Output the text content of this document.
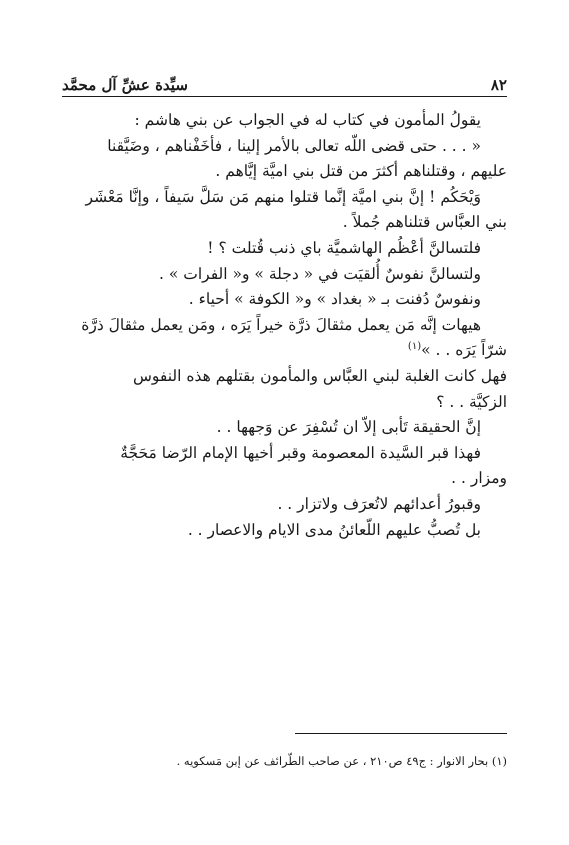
٨٢
سيِّدة عشِّ آل محمَّد

يقولُ المأمون في كتاب له في الجواب عن بني هاشم :

« . . . حتى قضى اللّه تعالى بالأمر إلينا ، فأخَفْناهم ، وضَيَّقنا

عليهم ، وقتلناهم أكثرَ من قتل بني اميَّة إيَّاهم .

وَيْحَكُم ! إنَّ بني اميَّة إنَّما قتلوا منهم مَن سَلَّ سَيفاً ، وإنَّا مَعْشَر

بني العبَّاس قتلناهم جُملاً .

فلتسالنَّ أعْظُم الهاشميَّة باي ذنب قُتلت ؟ !

ولتسالنَّ نفوسٌ أُلقيَت في « دجلة » و« الفرات » .

ونفوسٌ دُفنت بـ « بغداد » و« الكوفة » أحياء .

هيهات إنَّه مَن يعمل مثقالَ ذرَّة خيراً يَرَه ، ومَن يعمل مثقالَ ذرَّة

شرّاً يَرَه . . »$^{(١)}$

فهل كانت الغلبة لبني العبَّاس والمأمون بقتلهم هذه النفوس

الزكيَّة . . ؟

إنَّ الحقيقة تَأبى إلاّ ان تُسْفِرَ عن وَجهها . .

فهذا قبر السَّيدة المعصومة وقبر أخيها الإمام الرّضا مَحَجَّةٌ

ومزار . .

وقبورُ أعدائهم لاتُعرَف ولاتزار . .

بل تُصبُّ عليهم اللّعائنُ مدى الايام والاعصار . .

(١) بحار الانوار : ج٤٩ ص٢١٠ ، عن صاحب الطّرائف عن إبن مَسكويه .
